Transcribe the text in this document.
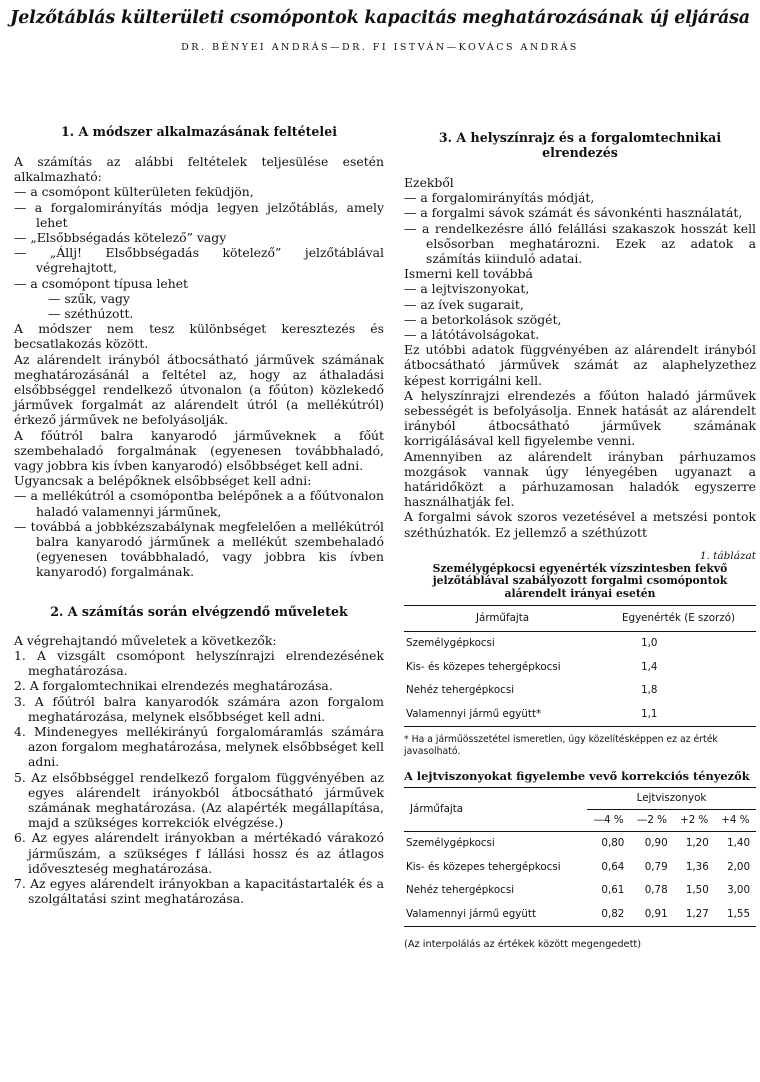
Jelzőtáblás külterületi csomópontok kapacitás meghatározásának új eljárása
DR. BÉNYEI ANDRÁS—DR. FI ISTVÁN—KOVÁCS ANDRÁS
1. A módszer alkalmazásának feltételei

A számítás az alábbi feltételek teljesülése esetén alkalmazható:

— a csomópont külterületen feküdjön,

— a forgalomirányítás módja legyen jelzőtáblás, amely lehet

— „Elsőbbségadás kötelező” vagy

— „Állj! Elsőbbségadás kötelező” jelzőtáblával végrehajtott,

— a csomópont típusa lehet

— szűk, vagy

— széthúzott.

A módszer nem tesz különbséget keresztezés és becsatlakozás között.

Az alárendelt irányból átbocsátható járművek számának meghatározásánál a feltétel az, hogy az áthaladási elsőbbséggel rendelkező útvonalon (a főúton) közlekedő járművek forgalmát az alárendelt útról (a mellékútról) érkező járművek ne befolyásolják.

A főútról balra kanyarodó járműveknek a főút szembehaladó forgalmának (egyenesen továbbhaladó, vagy jobbra kis ívben kanyarodó) elsőbbséget kell adni.

Ugyancsak a belépőknek elsőbbséget kell adni:

— a mellékútról a csomópontba belépőnek a a főútvonalon haladó valamennyi járműnek,

— továbbá a jobbkézszabálynak megfelelően a mellékútról balra kanyarodó járműnek a mellékút szembehaladó (egyenesen továbbhaladó, vagy jobbra kis ívben kanyarodó) forgalmának.

2. A számítás során elvégzendő műveletek

A végrehajtandó műveletek a következők:

1. A vizsgált csomópont helyszínrajzi elrendezésének meghatározása.

2. A forgalomtechnikai elrendezés meghatározása.

3. A főútról balra kanyarodók számára azon forgalom meghatározása, melynek elsőbbséget kell adni.

4. Mindenegyes mellékirányú forgalomáramlás számára azon forgalom meghatározása, melynek elsőbbséget kell adni.

5. Az elsőbbséggel rendelkező forgalom függvényében az egyes alárendelt irányokból átbocsátható járművek számának meghatározása. (Az alapérték megállapítása, majd a szükséges korrekciók elvégzése.)

6. Az egyes alárendelt irányokban a mértékadó várakozó járműszám, a szükséges f lállási hossz és az átlagos időveszteség meghatározása.

7. Az egyes alárendelt irányokban a kapacitástartalék és a szolgáltatási szint meghatározása.

3. A helyszínrajz és a forgalomtechnikai elrendezés

Ezekből

— a forgalomirányítás módját,

— a forgalmi sávok számát és sávonkénti használatát,

— a rendelkezésre álló felállási szakaszok hosszát kell elsősorban meghatározni. Ezek az adatok a számítás kiinduló adatai.

Ismerni kell továbbá

— a lejtviszonyokat,

— az ívek sugarait,

— a betorkolások szögét,

— a látótávolságokat.

Ez utóbbi adatok függvényében az alárendelt irányból átbocsátható járművek számát az alaphelyzethez képest korrigálni kell.

A helyszínrajzi elrendezés a főúton haladó járművek sebességét is befolyásolja. Ennek hatását az alárendelt irányból átbocsátható járművek számának korrigálásával kell figyelembe venni.

Amennyiben az alárendelt irányban párhuzamos mozgások vannak úgy lényegében ugyanazt a határidőközt a párhuzamosan haladók egyszerre használhatják fel.

A forgalmi sávok szoros vezetésével a metszési pontok széthúzhatók. Ez jellemző a széthúzott

1. táblázat
Személygépkocsi egyenérték vízszintesben fekvő jelzőtáblával szabályozott forgalmi csomópontok alárendelt irányai esetén
Járműfajta	Egyenérték (E szorzó)
Személygépkocsi	1,0
Kis- és közepes tehergépkocsi	1,4
Nehéz tehergépkocsi	1,8
Valamennyi jármű együtt*	1,1
* Ha a járműösszetétel ismeretlen, úgy közelítésképpen ez az érték javasolható.
A lejtviszonyokat figyelembe vevő korrekciós tényezők
Járműfajta	Lejtviszonyok			
	—4 %	—2 %	+2 %	+4 %
Személygépkocsi	0,80	0,90	1,20	1,40
Kis- és közepes tehergépkocsi	0,64	0,79	1,36	2,00
Nehéz tehergépkocsi	0,61	0,78	1,50	3,00
Valamennyi jármű együtt	0,82	0,91	1,27	1,55
(Az interpolálás az értékek között megengedett)
